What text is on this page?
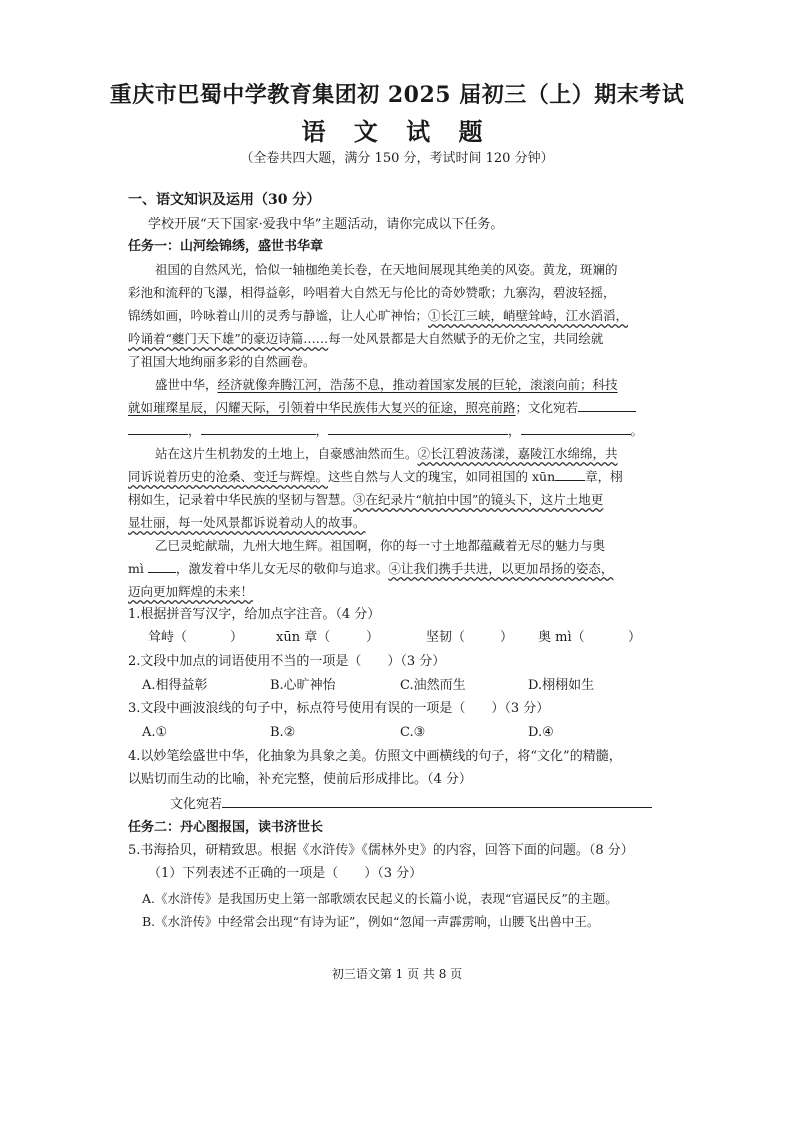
重庆市巴蜀中学教育集团初 2025 届初三（上）期末考试
语 文 试 题
（全卷共四大题，满分 150 分，考试时间 120 分钟）
一、语文知识及运用（30 分）
学校开展“天下国家·爱我中华”主题活动，请你完成以下任务。
任务一：山河绘锦绣，盛世书华章
祖国的自然风光，恰似一轴枷绝美长卷，在天地间展现其绝美的风姿。黄龙，斑斓的
彩池和流秤的飞瀑，相得益彰，吟唱着大自然无与伦比的奇妙赞歌；九寨沟，碧波轻摇，
锦绣如画，吟咏着山川的灵秀与静谧，让人心旷神怡；①长江三峡，峭壁耸峙，江水滔滔，
吟诵着“夔门天下雄”的豪迈诗篇……每一处风景都是大自然赋予的无价之宝，共同绘就
了祖国大地绚丽多彩的自然画卷。
盛世中华，经济就像奔腾江河，浩荡不息，推动着国家发展的巨轮，滚滚向前；科技
就如璀璨星辰，闪耀天际，引领着中华民族伟大复兴的征途，照亮前路；文化宛若
，	，	，	。
站在这片生机勃发的土地上，自豪感油然而生。②长江碧波荡漾，嘉陵江水绵绵，共
同诉说着历史的沧桑、变迁与辉煌。这些自然与人文的瑰宝，如同祖国的 xūn 章，栩
栩如生，记录着中华民族的坚韧与智慧。③在纪录片“航拍中国”的镜头下，这片土地更
显壮丽，每一处风景都诉说着动人的故事。
乙巳灵蛇献瑞，九州大地生辉。祖国啊，你的每一寸土地都蕴藏着无尽的魅力与奥
mì	，激发着中华儿女无尽的敬仰与追求。④让我们携手共进，以更加昂扬的姿态，
迈向更加辉煌的未来！
1.根据拼音写汉字，给加点字注音。（4 分）
耸峙（	）	xūn 章（	）	坚韧（	） 奥 mì（	）
2.文段中加点的词语使用不当的一项是（　　）（3 分）
A.相得益彰	B.心旷神怡	C.油然而生	D.栩栩如生
3.文段中画波浪线的句子中，标点符号使用有误的一项是（　　）（3 分）
A.①	B.②	C.③	D.④
4.以妙笔绘盛世中华，化抽象为具象之美。仿照文中画横线的句子，将“文化”的精髓，
以贴切而生动的比喻，补充完整，使前后形成排比。（4 分）
文化宛若
任务二：丹心图报国，读书济世长
5.书海拾贝，研精致思。根据《水浒传》《儒林外史》的内容，回答下面的问题。（8 分）
（1）下列表述不正确的一项是（　　）（3 分）
A.《水浒传》是我国历史上第一部歌颂农民起义的长篇小说，表现“官逼民反”的主题。
B.《水浒传》中经常会出现“有诗为证”，例如“忽闻一声霹雳响，山腰飞出兽中王。
初三语文第 1 页 共 8 页
